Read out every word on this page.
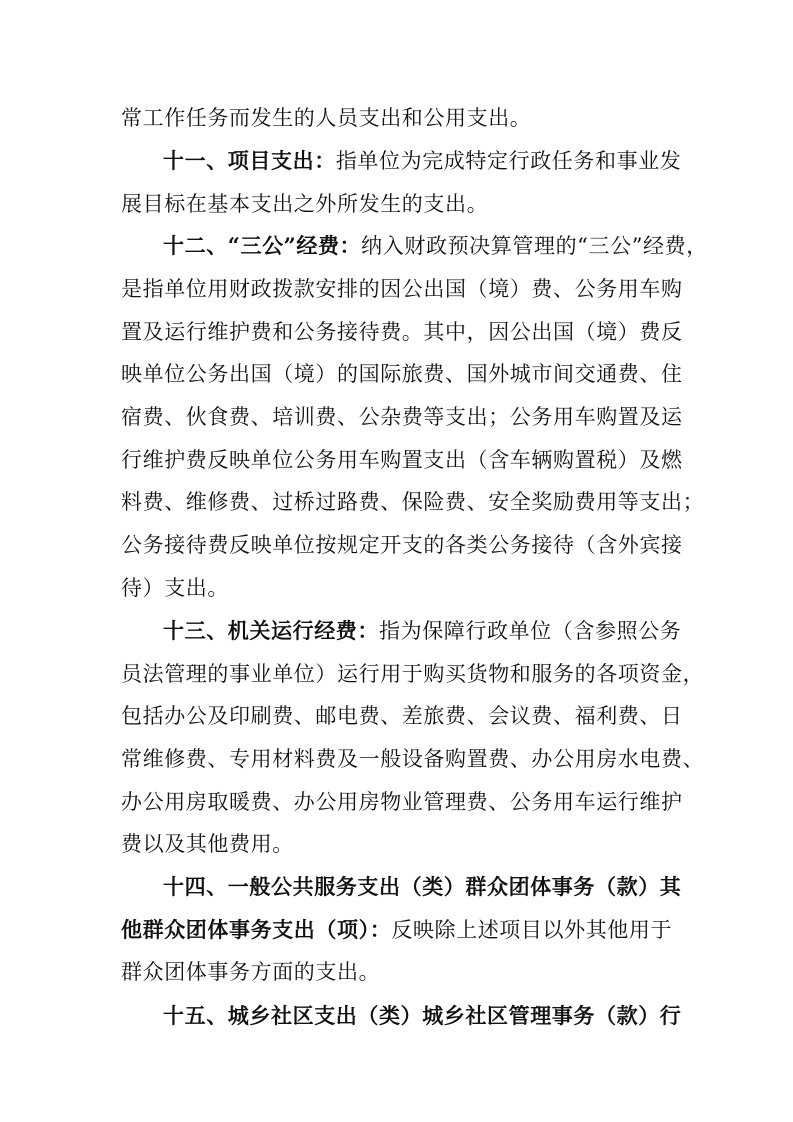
常工作任务而发生的人员支出和公用支出。
十一、项目支出：指单位为完成特定行政任务和事业发
展目标在基本支出之外所发生的支出。
十二、“三公”经费：纳入财政预决算管理的“三公”经费，
是指单位用财政拨款安排的因公出国（境）费、公务用车购
置及运行维护费和公务接待费。其中，因公出国（境）费反
映单位公务出国（境）的国际旅费、国外城市间交通费、住
宿费、伙食费、培训费、公杂费等支出；公务用车购置及运
行维护费反映单位公务用车购置支出（含车辆购置税）及燃
料费、维修费、过桥过路费、保险费、安全奖励费用等支出；
公务接待费反映单位按规定开支的各类公务接待（含外宾接
待）支出。
十三、机关运行经费：指为保障行政单位（含参照公务
员法管理的事业单位）运行用于购买货物和服务的各项资金，
包括办公及印刷费、邮电费、差旅费、会议费、福利费、日
常维修费、专用材料费及一般设备购置费、办公用房水电费、
办公用房取暖费、办公用房物业管理费、公务用车运行维护
费以及其他费用。
十四、一般公共服务支出（类）群众团体事务（款）其
他群众团体事务支出（项）：反映除上述项目以外其他用于
群众团体事务方面的支出。
十五、城乡社区支出（类）城乡社区管理事务（款）行
